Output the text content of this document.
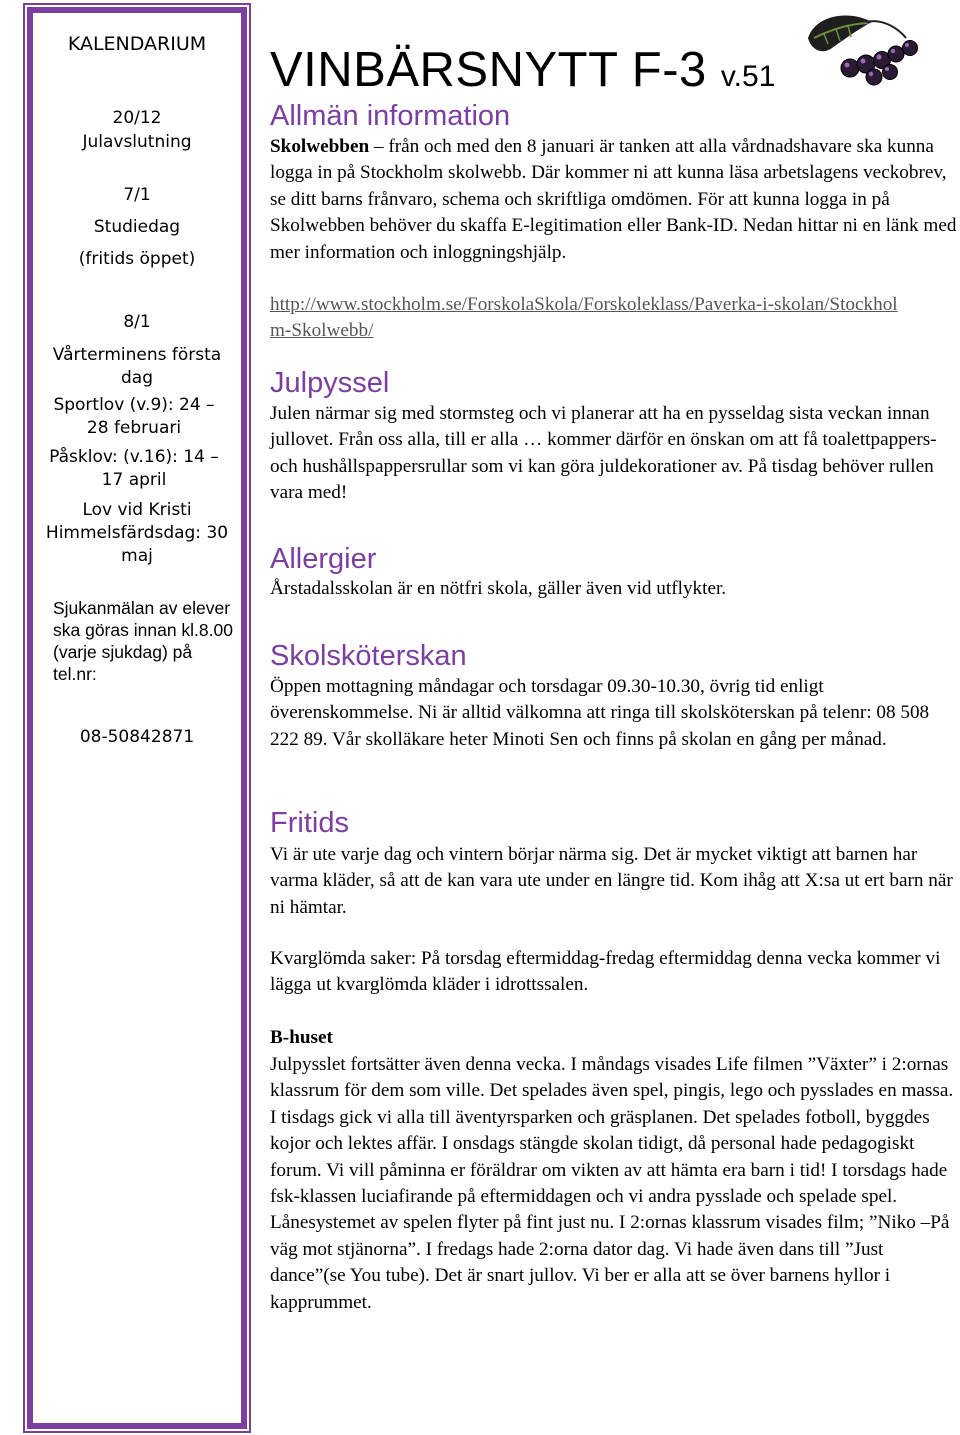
KALENDARIUM
20/12
Julavslutning
7/1
Studiedag
(fritids öppet)
8/1
Vårterminens första dag
Sportlov (v.9): 24 – 28 februari
Påsklov: (v.16): 14 – 17 april
Lov vid Kristi Himmelsfärdsdag: 30 maj
Sjukanmälan av elever ska göras innan kl.8.00 (varje sjukdag) på tel.nr:
08-50842871
VINBÄRSNYTT F-3 v.51
Allmän information

Skolwebben – från och med den 8 januari är tanken att alla vårdnadshavare ska kunna logga in på Stockholm skolwebb. Där kommer ni att kunna läsa arbetslagens veckobrev, se ditt barns frånvaro, schema och skriftliga omdömen. För att kunna logga in på Skolwebben behöver du skaffa E-legitimation eller Bank-ID. Nedan hittar ni en länk med mer information och inloggningshjälp.

http://www.stockholm.se/ForskolaSkola/Forskoleklass/Paverka-i-skolan/Stockholm-Skolwebb/

Julpyssel

Julen närmar sig med stormsteg och vi planerar att ha en pysseldag sista veckan innan jullovet. Från oss alla, till er alla … kommer därför en önskan om att få toalettpappers- och hushållspappersrullar som vi kan göra juldekorationer av. På tisdag behöver rullen vara med!

Allergier

Årstadalsskolan är en nötfri skola, gäller även vid utflykter.

Skolsköterskan

Öppen mottagning måndagar och torsdagar 09.30-10.30, övrig tid enligt överenskommelse. Ni är alltid välkomna att ringa till skolsköterskan på telenr: 08 508 222 89. Vår skolläkare heter Minoti Sen och finns på skolan en gång per månad.

Fritids

Vi är ute varje dag och vintern börjar närma sig. Det är mycket viktigt att barnen har varma kläder, så att de kan vara ute under en längre tid. Kom ihåg att X:sa ut ert barn när ni hämtar.

Kvarglömda saker: På torsdag eftermiddag-fredag eftermiddag denna vecka kommer vi lägga ut kvarglömda kläder i idrottssalen.

B-huset

Julpysslet fortsätter även denna vecka. I måndags visades Life filmen ”Växter” i 2:ornas klassrum för dem som ville. Det spelades även spel, pingis, lego och pysslades en massa. I tisdags gick vi alla till äventyrsparken och gräsplanen. Det spelades fotboll, byggdes kojor och lektes affär. I onsdags stängde skolan tidigt, då personal hade pedagogiskt forum. Vi vill påminna er föräldrar om vikten av att hämta era barn i tid! I torsdags hade fsk-klassen luciafirande på eftermiddagen och vi andra pysslade och spelade spel. Lånesystemet av spelen flyter på fint just nu. I 2:ornas klassrum visades film; ”Niko –På väg mot stjänorna”. I fredags hade 2:orna dator dag. Vi hade även dans till ”Just dance”(se You tube). Det är snart jullov. Vi ber er alla att se över barnens hyllor i kapprummet.
